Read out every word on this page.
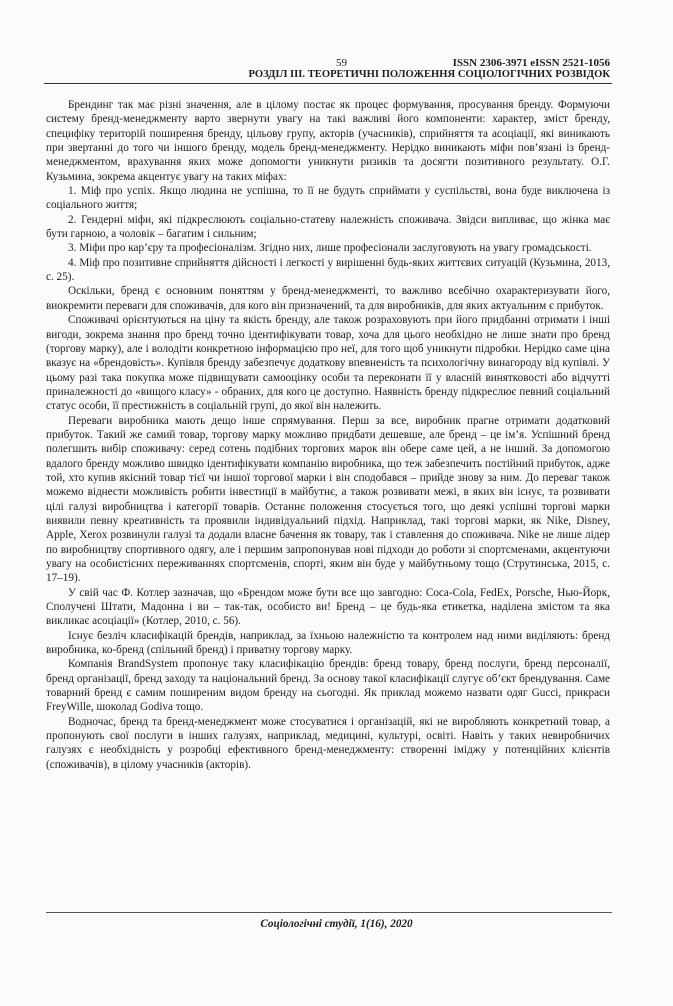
59	ISSN 2306-3971 eISSN 2521-1056
РОЗДІЛ III. ТЕОРЕТИЧНІ ПОЛОЖЕННЯ СОЦІОЛОГІЧНИХ РОЗВІДОК

Брендинг так має різні значення, але в цілому постає як процес формування, просування бренду. Формуючи систему бренд-менеджменту варто звернути увагу на такі важливі його компоненти: характер, зміст бренду, специфіку територій поширення бренду, цільову групу, акторів (учасників), сприйняття та асоціації, які виникають при звертанні до того чи іншого бренду, модель бренд-менеджменту. Нерідко виникають міфи пов’язані із бренд-менеджментом, врахування яких може допомогти уникнути ризиків та досягти позитивного результату. О.Г. Кузьмина, зокрема акцентує увагу на таких міфах:

1. Міф про успіх. Якщо людина не успішна, то її не будуть сприймати у суспільстві, вона буде виключена із соціального життя;

2. Гендерні міфи, які підкреслюють соціально-статеву належність споживача. Звідси випливає, що жінка має бути гарною, а чоловік – багатим і сильним;

3. Міфи про кар’єру та професіоналізм. Згідно них, лише професіонали заслуговують на увагу громадськості.

4. Міф про позитивне сприйняття дійсності і легкості у вирішенні будь-яких життєвих ситуацій (Кузьмина, 2013, с. 25).

Оскільки, бренд є основним поняттям у бренд-менеджменті, то важливо всебічно охарактеризувати його, виокремити переваги для споживачів, для кого він призначений, та для виробників, для яких актуальним є прибуток.

Споживачі орієнтуються на ціну та якість бренду, але також розраховують при його придбанні отримати і інші вигоди, зокрема знання про бренд точно ідентифікувати товар, хоча для цього необхідно не лише знати про бренд (торгову марку), але і володіти конкретною інформацією про неї, для того щоб уникнути підробки. Нерідко саме ціна вказує на «брендовість». Купівля бренду забезпечує додаткову впевненість та психологічну винагороду від купівлі. У цьому разі така покупка може підвищувати самооцінку особи та переконати її у власній винятковості або відчутті приналежності до «вищого класу» - обраних, для кого це доступно. Наявність бренду підкреслює певний соціальний статус особи, її престижність в соціальній групі, до якої він належить.

Переваги виробника мають дещо інше спрямування. Перш за все, виробник прагне отримати додатковий прибуток. Такий же самий товар, торгову марку можливо придбати дешевше, але бренд – це ім’я. Успішний бренд полегшить вибір споживачу: серед сотень подібних торгових марок він обере саме цей, а не інший. За допомогою вдалого бренду можливо швидко ідентифікувати компанію виробника, що теж забезпечить постійний прибуток, адже той, хто купив якісний товар тієї чи іншої торгової марки і він сподобався – прийде знову за ним. До переваг також можемо віднести можливість робити інвестиції в майбутнє, а також розвивати межі, в яких він існує, та розвивати цілі галузі виробництва і категорії товарів. Останнє положення стосується того, що деякі успішні торгові марки виявили певну креативність та проявили індивідуальний підхід. Наприклад, такі торгові марки, як Nike, Disney, Apple, Xerox розвинули галузі та додали власне бачення як товару, так і ставлення до споживача. Nike не лише лідер по виробництву спортивного одягу, але і першим запропонував нові підходи до роботи зі спортсменами, акцентуючи увагу на особистісних переживаннях спортсменів, спорті, яким він буде у майбутньому тощо (Струтинська, 2015, с. 17–19).

У свій час Ф. Котлер зазначав, що «Брендом може бути все що завгодно: Coca-Cola, FedEx, Porsche, Нью-Йорк, Сполучені Штати, Мадонна і ви – так-так, особисто ви! Бренд – це будь-яка етикетка, наділена змістом та яка викликає асоціації» (Котлер, 2010, с. 56).

Існує безліч класифікацій брендів, наприклад, за їхньою належністю та контролем над ними виділяють: бренд виробника, ко-бренд (спільний бренд) і приватну торгову марку.

Компанія BrandSystem пропонує таку класифікацію брендів: бренд товару, бренд послуги, бренд персоналії, бренд організації, бренд заходу та національний бренд. За основу такої класифікації слугує об’єкт брендування. Саме товарний бренд є самим поширеним видом бренду на сьогодні. Як приклад можемо назвати одяг Gucci, прикраси FreyWille, шоколад Godiva тощо.

Водночас, бренд та бренд-менеджмент може стосуватися і організацій, які не виробляють конкретний товар, а пропонують свої послуги в інших галузях, наприклад, медицині, культурі, освіті. Навіть у таких невиробничих галузях є необхідність у розробці ефективного бренд-менеджменту: створенні іміджу у потенційних клієнтів (споживачів), в цілому учасників (акторів).

Соціологічні студії, 1(16), 2020
